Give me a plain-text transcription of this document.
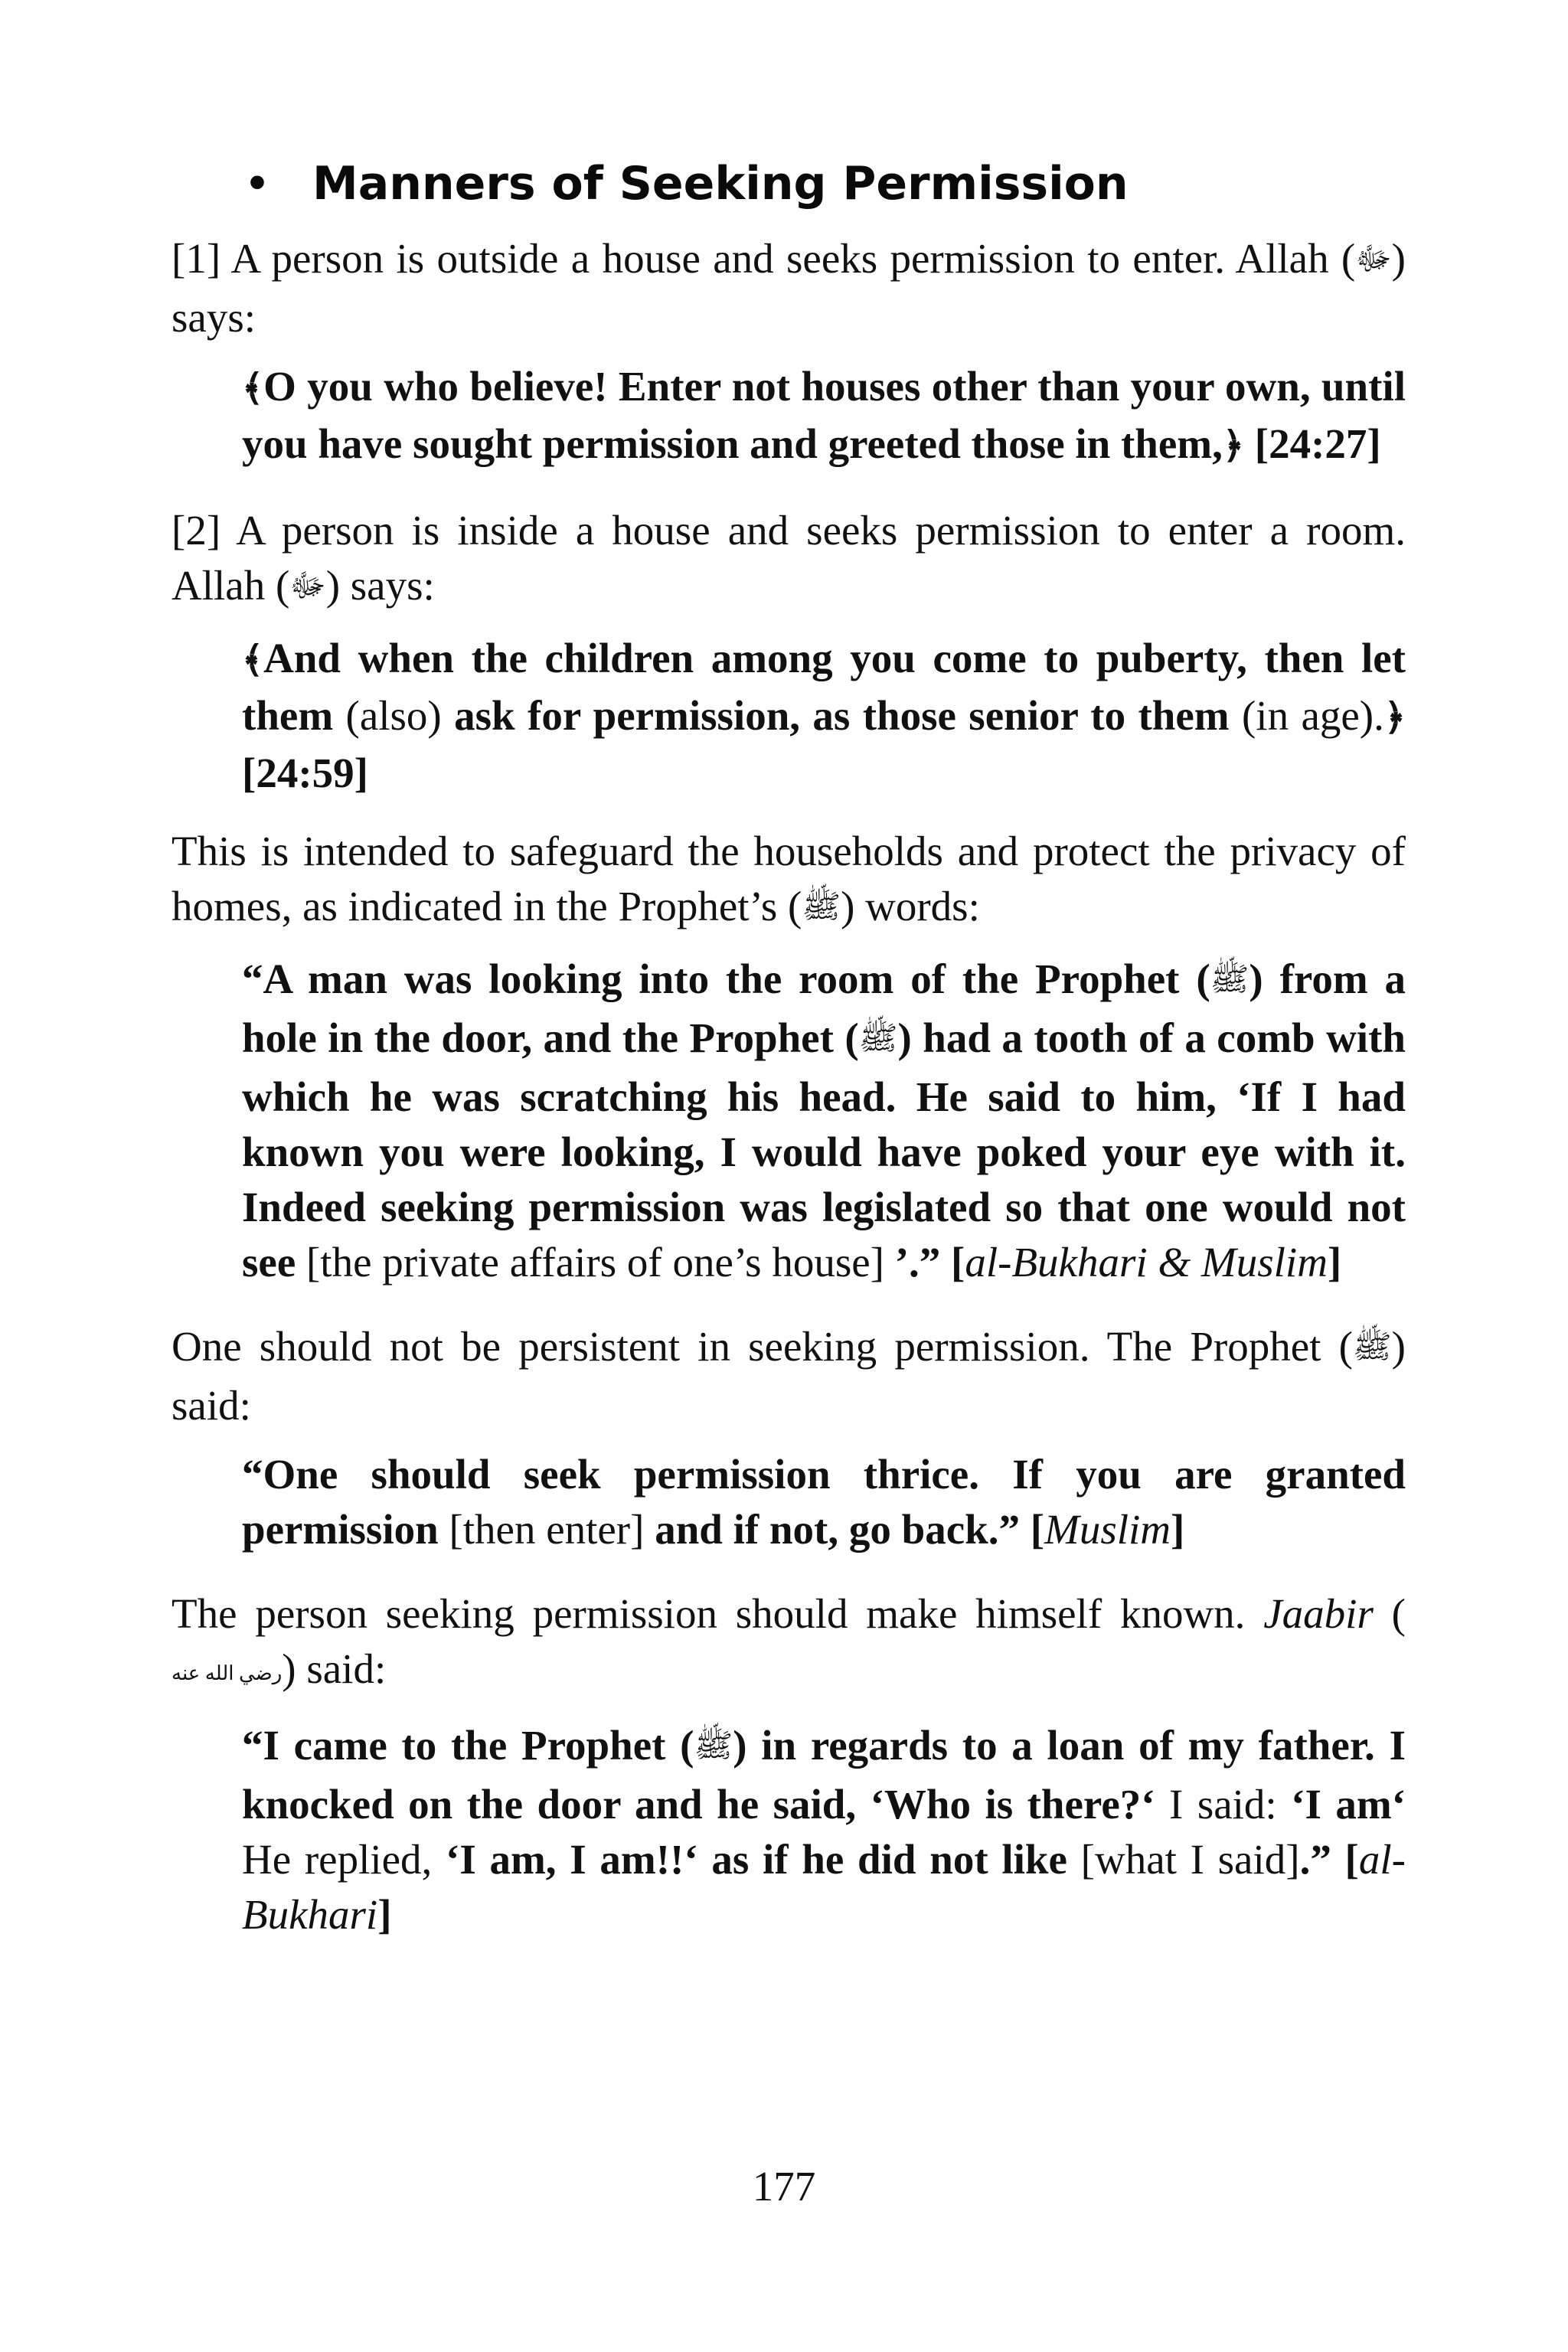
• Manners of Seeking Permission

[1] A person is outside a house and seeks permission to enter. Allah (ﷻ) says:

﴾O you who believe! Enter not houses other than your own, until you have sought permission and greeted those in them,﴿ [24:27]

[2] A person is inside a house and seeks permission to enter a room. Allah (ﷻ) says:

﴾And when the children among you come to puberty, then let them (also) ask for permission, as those senior to them (in age).﴿ [24:59]

This is intended to safeguard the households and protect the privacy of homes, as indicated in the Prophet’s (ﷺ) words:

“A man was looking into the room of the Prophet (ﷺ) from a hole in the door, and the Prophet (ﷺ) had a tooth of a comb with which he was scratching his head. He said to him, ‘If I had known you were looking, I would have poked your eye with it. Indeed seeking permission was legislated so that one would not see [the private affairs of one’s house] ’.” [al-Bukhari & Muslim]

One should not be persistent in seeking permission. The Prophet (ﷺ) said:

“One should seek permission thrice. If you are granted permission [then enter] and if not, go back.” [Muslim]

The person seeking permission should make himself known. Jaabir (رضي الله عنه) said:

“I came to the Prophet (ﷺ) in regards to a loan of my father. I knocked on the door and he said, ‘Who is there?‘ I said: ‘I am‘ He replied, ‘I am, I am!!‘ as if he did not like [what I said].” [al-Bukhari]

177
